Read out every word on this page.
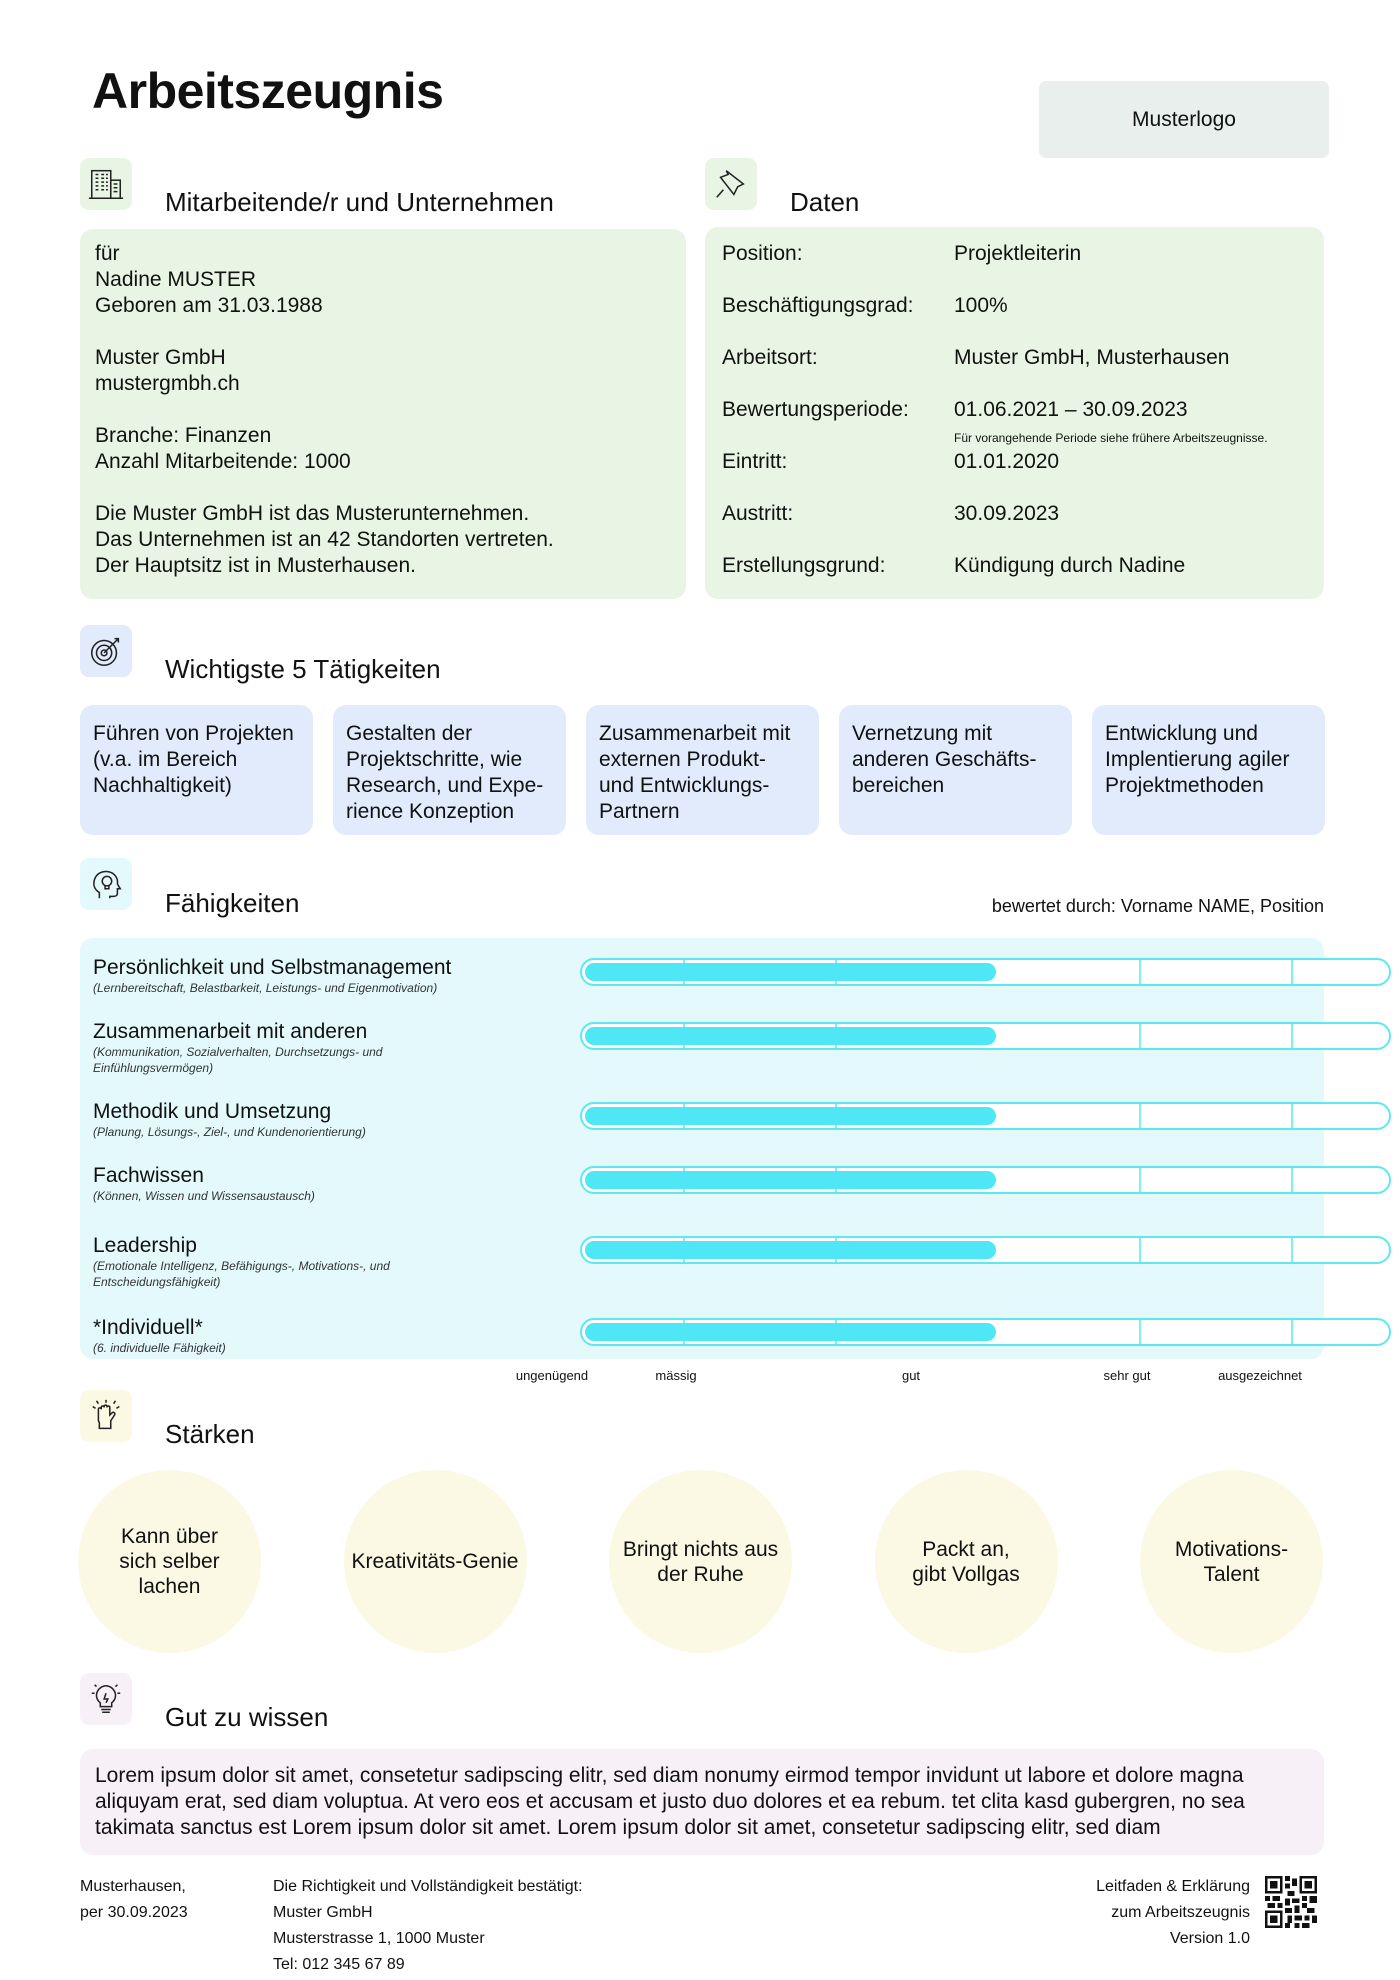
Arbeitszeugnis	Musterlogo
Mitarbeitende/r und Unternehmen
für
Nadine MUSTER
Geboren am 31.03.1988

Muster GmbH
mustergmbh.ch

Branche: Finanzen
Anzahl Mitarbeitende: 1000

Die Muster GmbH ist das Musterunternehmen.
Das Unternehmen ist an 42 Standorten vertreten.
Der Hauptsitz ist in Musterhausen.
Daten
Position:	Projektleiterin
Beschäftigungsgrad:	100%
Arbeitsort:	Muster GmbH, Musterhausen
Bewertungsperiode:	01.06.2021 – 30.09.2023
Eintritt:	01.01.2020
Austritt:	30.09.2023
Erstellungsgrund:	Kündigung durch Nadine
Für vorangehende Periode siehe frühere Arbeitszeugnisse.
Wichtigste 5 Tätigkeiten
Führen von Projekten
(v.a. im Bereich
Nachhaltigkeit)
Gestalten der
Projektschritte, wie
Research, und Expe-
rience Konzeption
Zusammenarbeit mit
externen Produkt-
und Entwicklungs-
Partnern
Vernetzung mit
anderen Geschäfts-
bereichen
Entwicklung und
Implentierung agiler
Projektmethoden
Fähigkeiten	bewertet durch: Vorname NAME, Position
Persönlichkeit und Selbstmanagement
(Lernbereitschaft, Belastbarkeit, Leistungs- und Eigenmotivation)
Zusammenarbeit mit anderen
(Kommunikation, Sozialverhalten, Durchsetzungs- und
Einfühlungsvermögen)
Methodik und Umsetzung
(Planung, Lösungs-, Ziel-, und Kundenorientierung)
Fachwissen
(Können, Wissen und Wissensaustausch)
Leadership
(Emotionale Intelligenz, Befähigungs-, Motivations-, und
Entscheidungsfähigkeit)
*Individuell*
(6. individuelle Fähigkeit)
ungenügend	mässig	gut	sehr gut	ausgezeichnet
Stärken
Kann über
sich selber
lachen
Kreativitäts-Genie
Bringt nichts aus
der Ruhe
Packt an,
gibt Vollgas
Motivations-
Talent
Gut zu wissen
Lorem ipsum dolor sit amet, consetetur sadipscing elitr, sed diam nonumy eirmod tempor invidunt ut labore et dolore magna
aliquyam erat, sed diam voluptua. At vero eos et accusam et justo duo dolores et ea rebum. tet clita kasd gubergren, no sea
takimata sanctus est Lorem ipsum dolor sit amet. Lorem ipsum dolor sit amet, consetetur sadipscing elitr, sed diam
Musterhausen,
per 30.09.2023
Die Richtigkeit und Vollständigkeit bestätigt:
Muster GmbH
Musterstrasse 1, 1000 Muster
Tel: 012 345 67 89
Leitfaden & Erklärung
zum Arbeitszeugnis
Version 1.0
